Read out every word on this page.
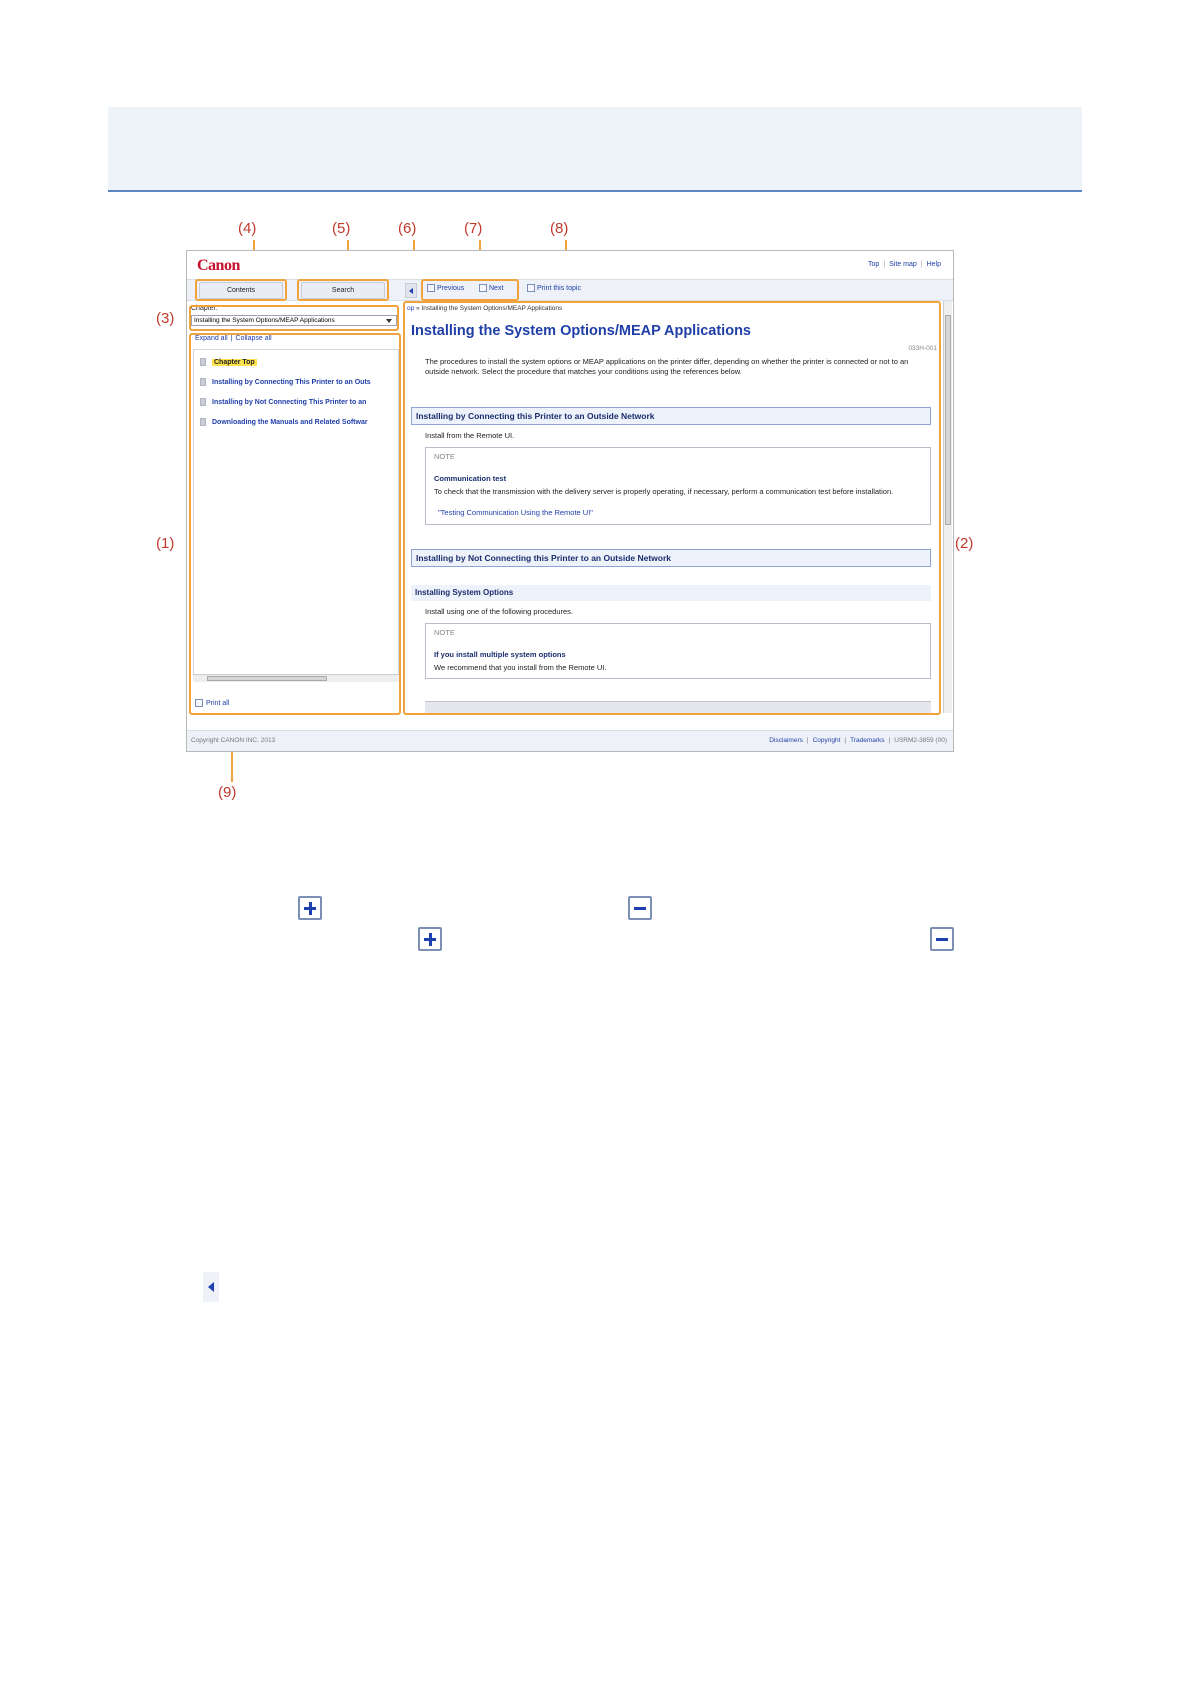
(4)	(5)	(6)	(7)	(8)
(3)
(1)	(2)
(9)
Canon	Top | Site map | Help
Contents	Search	Previous	Next	Print this topic
Chapter:
Installing the System Options/MEAP Applications
Expand all | Collapse all
Chapter Top
Installing by Connecting This Printer to an Outs
Installing by Not Connecting This Printer to an
Downloading the Manuals and Related Softwar
Print all
op » Installing the System Options/MEAP Applications
Installing the System Options/MEAP Applications
033H-001
The procedures to install the system options or MEAP applications on the printer differ, depending on whether the printer is connected or not to an outside network. Select the procedure that matches your conditions using the references below.
Installing by Connecting this Printer to an Outside Network
Install from the Remote UI.
NOTE
Communication test
To check that the transmission with the delivery server is properly operating, if necessary, perform a communication test before installation.
"Testing Communication Using the Remote UI"
Installing by Not Connecting this Printer to an Outside Network
Installing System Options
Install using one of the following procedures.
NOTE
If you install multiple system options
We recommend that you install from the Remote UI.
Copyright CANON INC. 2013	Disclaimers | Copyright | Trademarks | USRM2-3859 (00)
